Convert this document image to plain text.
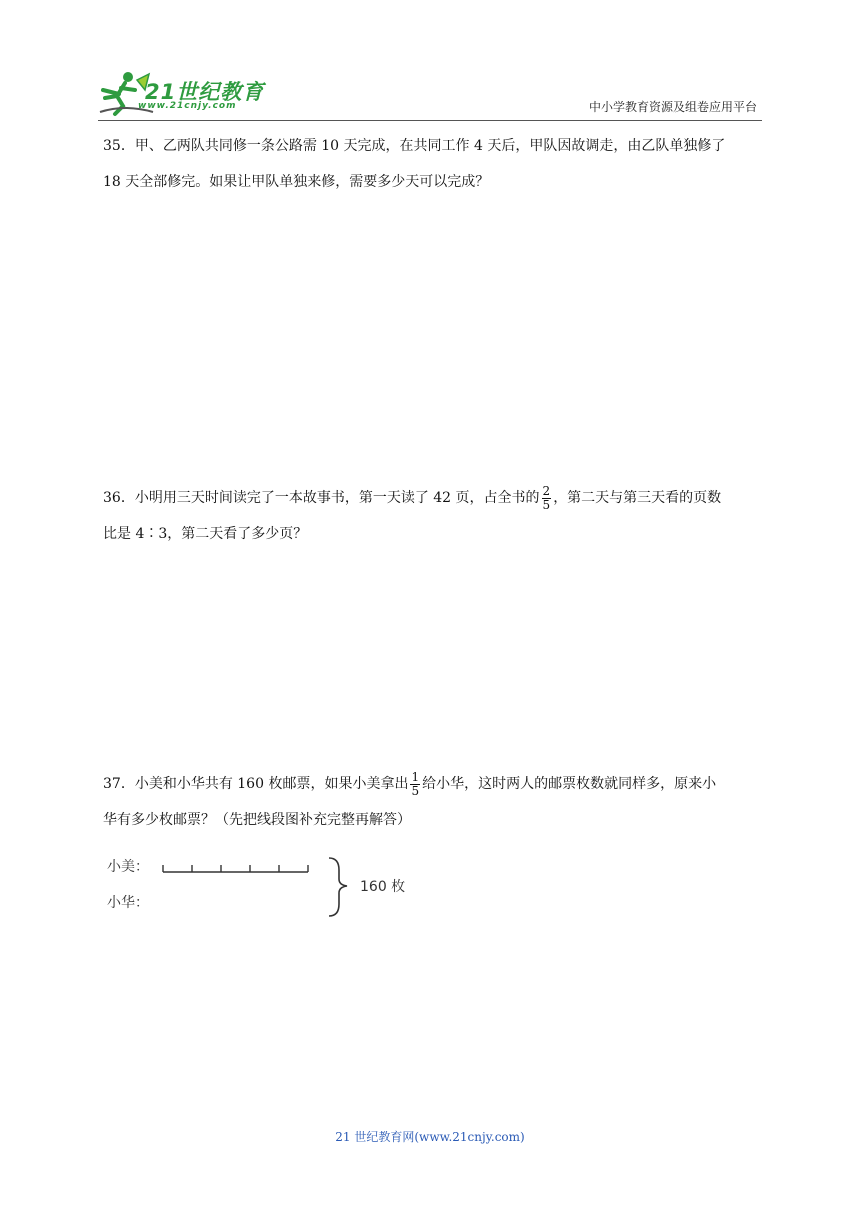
21世纪教育
www.21cnjy.com	中小学教育资源及组卷应用平台
35．甲、乙两队共同修一条公路需 10 天完成，在共同工作 4 天后，甲队因故调走，由乙队单独修了
18 天全部修完。如果让甲队单独来修，需要多少天可以完成？
36．小明用三天时间读完了一本故事书，第一天读了 42 页，占全书的 $\frac{2}{5}$ ，第二天与第三天看的页数
比是 4∶3，第二天看了多少页？
37．小美和小华共有 160 枚邮票，如果小美拿出 $\frac{1}{5}$ 给小华，这时两人的邮票枚数就同样多，原来小
华有多少枚邮票？（先把线段图补充完整再解答）
小美：
小华：
160 枚
21 世纪教育网(www.21cnjy.com)
